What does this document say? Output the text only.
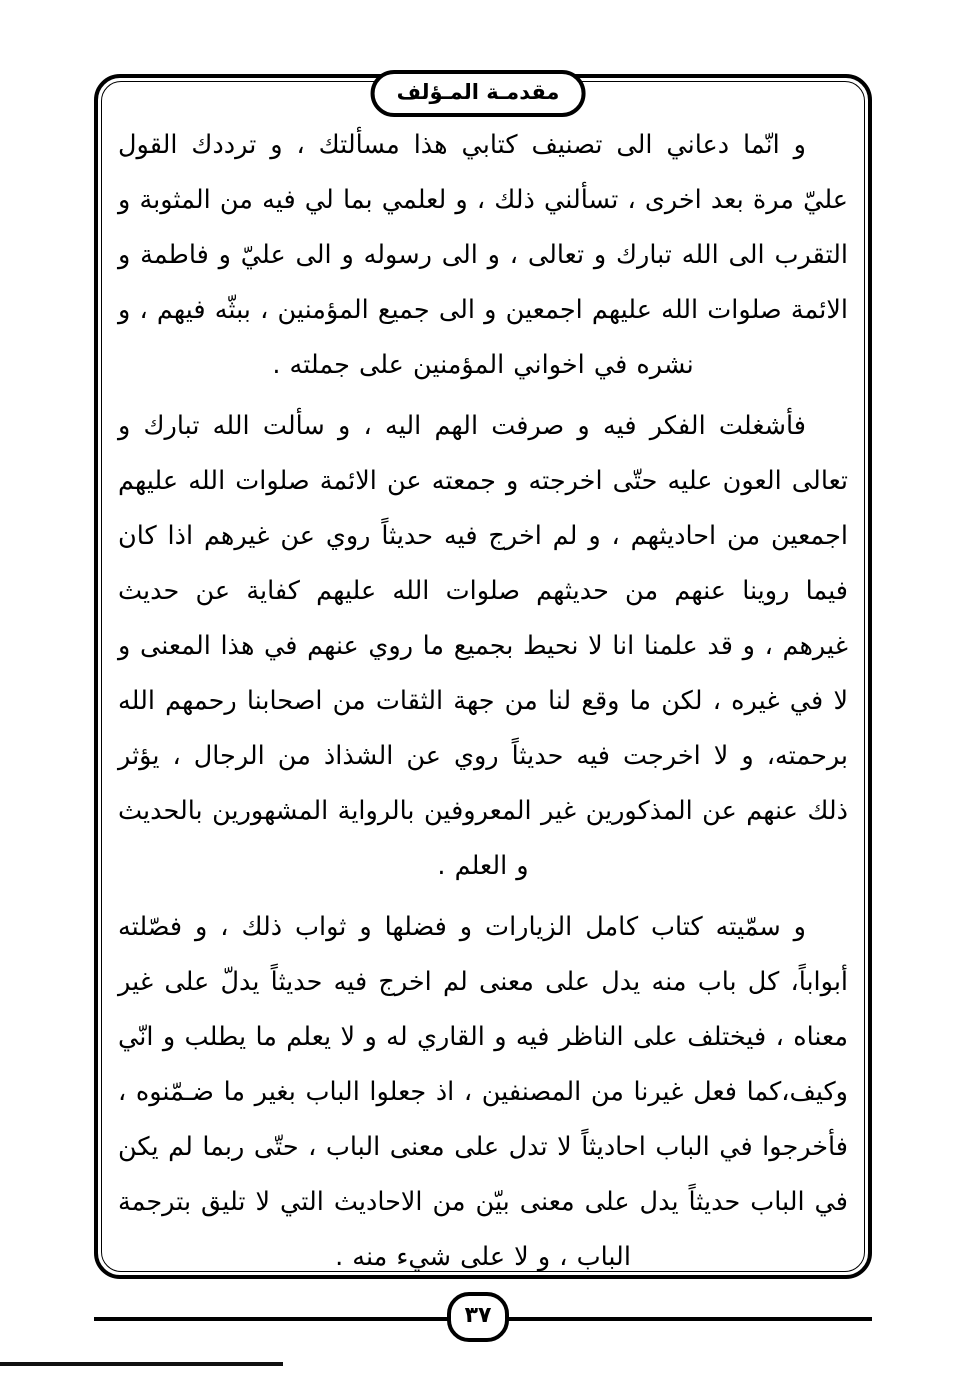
مقدمـة المـؤلف

و انّما دعاني الى تصنيف كتابي هذا مسألتك ، و ترددك القول عليّ مرة بعد اخرى ، تسألني ذلك ، و لعلمي بما لي فيه من المثوبة و التقرب الى الله تبارك و تعالى ، و الى رسوله و الى عليّ و فاطمة و الائمة صلوات الله عليهم اجمعين و الى جميع المؤمنين ، ببثّه فيهم ، و نشره في اخواني المؤمنين على جملته .

فأشغلت الفكر فيه و صرفت الهم اليه ، و سألت الله تبارك و تعالى العون عليه حتّى اخرجته و جمعته عن الائمة صلوات الله عليهم اجمعين من احاديثهم ، و لم اخرج فيه حديثاً روي عن غيرهم اذا كان فيما روينا عنهم من حديثهم صلوات الله عليهم كفاية عن حديث غيرهم ، و قد علمنا انا لا نحيط بجميع ما روي عنهم في هذا المعنى و لا في غيره ، لكن ما وقع لنا من جهة الثقات من اصحابنا رحمهم الله برحمته، و لا اخرجت فيه حديثاً روي عن الشذاذ من الرجال ، يؤثر ذلك عنهم عن المذكورين غير المعروفين بالرواية المشهورين بالحديث و العلم .

و سمّيته كتاب كامل الزيارات و فضلها و ثواب ذلك ، و فصّلته أبواباً، كل باب منه يدل على معنى لم اخرج فيه حديثاً يدلّ على غير معناه ، فيختلف على الناظر فيه و القاري له و لا يعلم ما يطلب و انّي وكيف،كما فعل غيرنا من المصنفين ، اذ جعلوا الباب بغير ما ضـمّنوه ، فأخرجوا في الباب احاديثاً لا تدل على معنى الباب ، حتّى ربما لم يكن في الباب حديثاً يدل على معنى بيّن من الاحاديث التي لا تليق بترجمة الباب ، و لا على شيء منه .

٣٧
